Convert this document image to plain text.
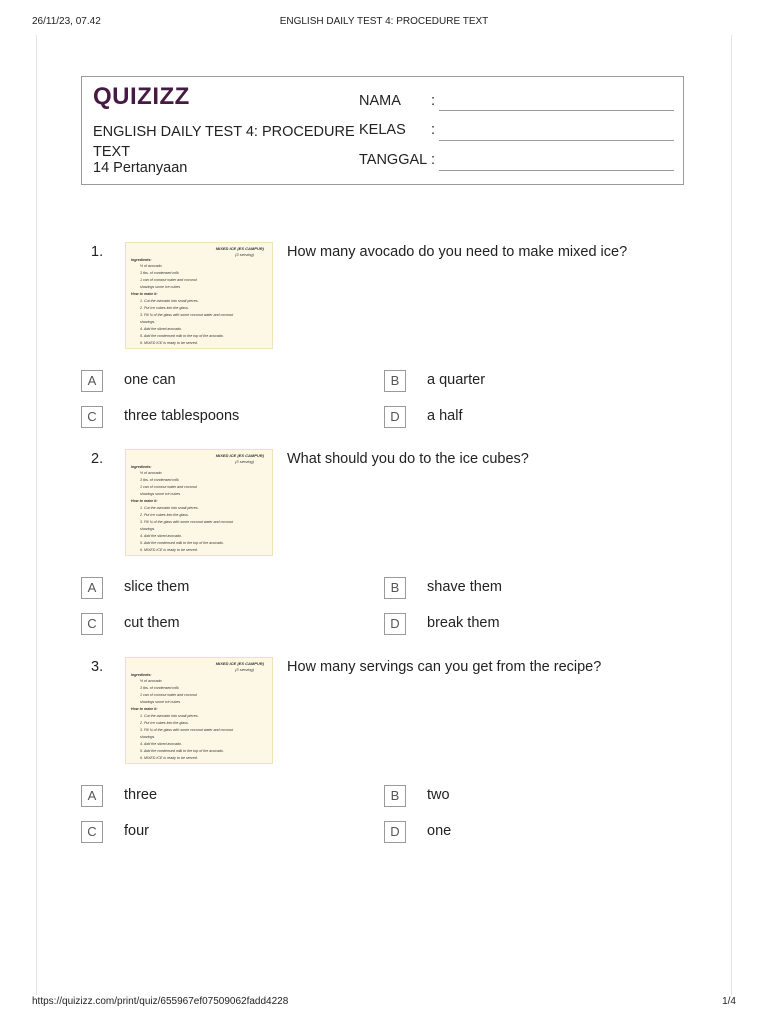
26/11/23, 07.42	ENGLISH DAILY TEST 4: PROCEDURE TEXT
QUIZIZZ
ENGLISH DAILY TEST 4: PROCEDURE TEXT
14 Pertanyaan
NAMA :
KELAS :
TANGGAL :
1.	MIXED ICE (ES CAMPUR)
(3 serving)
Ingredients:
½ of avocado
3 tbs. of condensed milk
1 can of coconut water and coconut
shavings some ice cubes
How to make it:
1. Cut the avocado into small pieces.
2. Put ice cubes into the glass.
3. Fill ¾ of the glass with some coconut water and coconut
shavings.
4. Add the sliced avocado.
5. Add the condensed milk to the top of the avocado.
6. MIXED ICE is ready to be served.
How many avocado do you need to make mixed ice?
A	one can	B	a quarter
C	three tablespoons	D	a half
2.	MIXED ICE (ES CAMPUR)
(3 serving)
Ingredients:
½ of avocado
3 tbs. of condensed milk
1 can of coconut water and coconut
shavings some ice cubes
How to make it:
1. Cut the avocado into small pieces.
2. Put ice cubes into the glass.
3. Fill ¾ of the glass with some coconut water and coconut
shavings.
4. Add the sliced avocado.
5. Add the condensed milk to the top of the avocado.
6. MIXED ICE is ready to be served.
What should you do to the ice cubes?
A	slice them	B	shave them
C	cut them	D	break them
3.	MIXED ICE (ES CAMPUR)
(3 serving)
Ingredients:
½ of avocado
3 tbs. of condensed milk
1 can of coconut water and coconut
shavings some ice cubes
How to make it:
1. Cut the avocado into small pieces.
2. Put ice cubes into the glass.
3. Fill ¾ of the glass with some coconut water and coconut
shavings.
4. Add the sliced avocado.
5. Add the condensed milk to the top of the avocado.
6. MIXED ICE is ready to be served.
How many servings can you get from the recipe?
A	three	B	two
C	four	D	one
https://quizizz.com/print/quiz/655967ef07509062fadd4228	1/4
